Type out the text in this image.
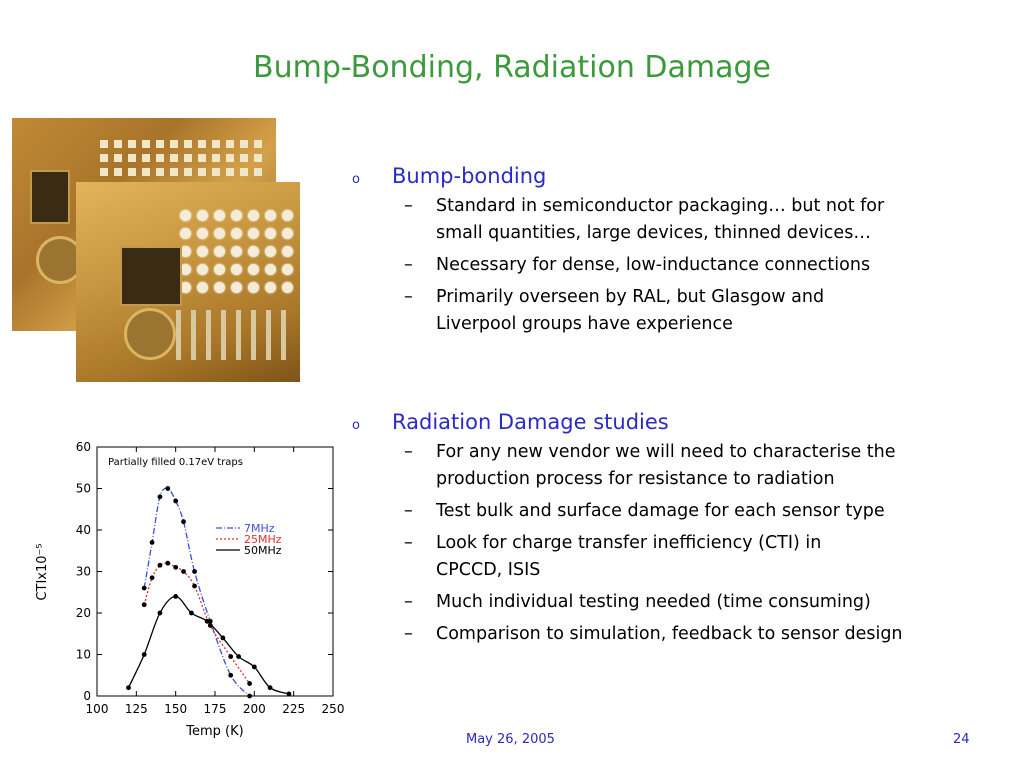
Bump-Bonding, Radiation Damage
o Bump-bonding
– Standard in semiconductor packaging… but not for
small quantities, large devices, thinned devices…
– Necessary for dense, low-inductance connections
– Primarily overseen by RAL, but Glasgow and
Liverpool groups have experience
o Radiation Damage studies
– For any new vendor we will need to characterise the
production process for resistance to radiation
– Test bulk and surface damage for each sensor type
– Look for charge transfer inefficiency (CTI) in
CPCCD, ISIS
– Much individual testing needed (time consuming)
– Comparison to simulation, feedback to sensor design
100 125 150 175 200 225 250
0
10
20
30
40
50
60
Partially filled 0.17eV traps
7MHz
25MHz
50MHz
Temp (K)
CTIx10⁻⁵
May 26, 2005	24
